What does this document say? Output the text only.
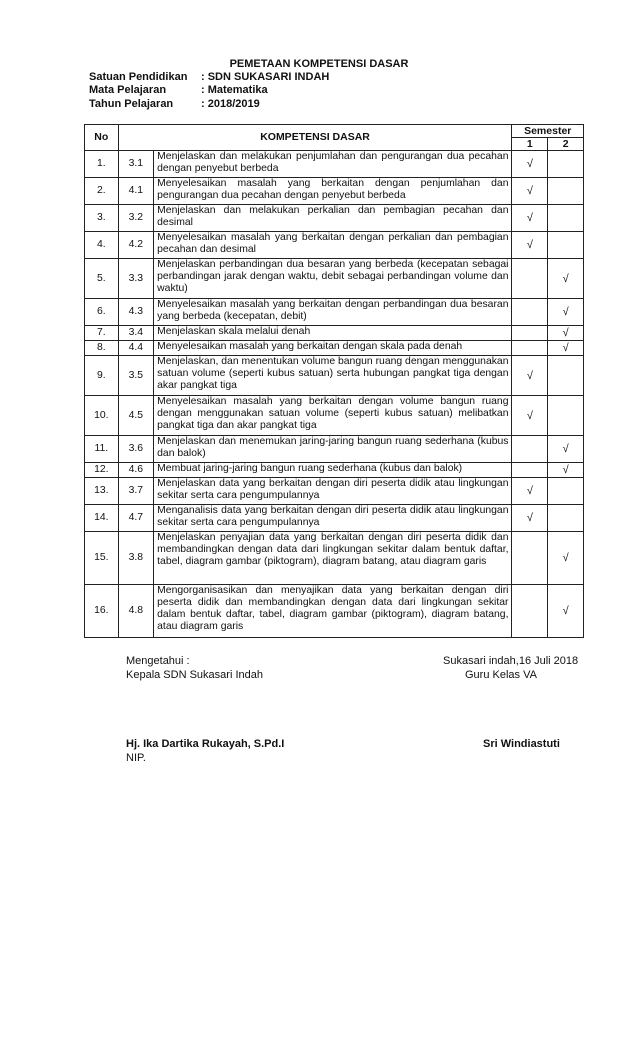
PEMETAAN KOMPETENSI DASAR
Satuan Pendidikan	: SDN SUKASARI INDAH
Mata Pelajaran	: Matematika
Tahun Pelajaran	: 2018/2019
No	KOMPETENSI DASAR		Semester	
			1	2
1.	3.1	Menjelaskan dan melakukan penjumlahan dan pengurangan dua pecahan dengan penyebut berbeda	√	
2.	4.1	Menyelesaikan masalah yang berkaitan dengan penjumlahan dan pengurangan dua pecahan dengan penyebut berbeda	√	
3.	3.2	Menjelaskan dan melakukan perkalian dan pembagian pecahan dan desimal	√	
4.	4.2	Menyelesaikan masalah yang berkaitan dengan perkalian dan pembagian pecahan dan desimal	√	
5.	3.3	Menjelaskan perbandingan dua besaran yang berbeda (kecepatan sebagai perbandingan jarak dengan waktu, debit sebagai perbandingan volume dan waktu)		√
6.	4.3	Menyelesaikan masalah yang berkaitan dengan perbandingan dua besaran yang berbeda (kecepatan, debit)		√
7.	3.4	Menjelaskan skala melalui denah		√
8.	4.4	Menyelesaikan masalah yang berkaitan dengan skala pada denah		√
9.	3.5	Menjelaskan, dan menentukan volume bangun ruang dengan menggunakan satuan volume (seperti kubus satuan) serta hubungan pangkat tiga dengan akar pangkat tiga	√	
10.	4.5	Menyelesaikan masalah yang berkaitan dengan volume bangun ruang dengan menggunakan satuan volume (seperti kubus satuan) melibatkan pangkat tiga dan akar pangkat tiga	√	
11.	3.6	Menjelaskan dan menemukan jaring-jaring bangun ruang sederhana (kubus dan balok)		√
12.	4.6	Membuat jaring-jaring bangun ruang sederhana (kubus dan balok)		√
13.	3.7	Menjelaskan data yang berkaitan dengan diri peserta didik atau lingkungan sekitar serta cara pengumpulannya	√	
14.	4.7	Menganalisis data yang berkaitan dengan diri peserta didik atau lingkungan sekitar serta cara pengumpulannya	√	
15.	3.8	Menjelaskan penyajian data yang berkaitan dengan diri peserta didik dan membandingkan dengan data dari lingkungan sekitar dalam bentuk daftar, tabel, diagram gambar (piktogram), diagram batang, atau diagram garis		√
16.	4.8	Mengorganisasikan dan menyajikan data yang berkaitan dengan diri peserta didik dan membandingkan dengan data dari lingkungan sekitar dalam bentuk daftar, tabel, diagram gambar (piktogram), diagram batang, atau diagram garis		√
Mengetahui :
Kepala SDN Sukasari Indah
Sukasari indah,16 Juli 2018
Guru Kelas VA
Hj. Ika Dartika Rukayah, S.Pd.I
NIP.
Sri Windiastuti
